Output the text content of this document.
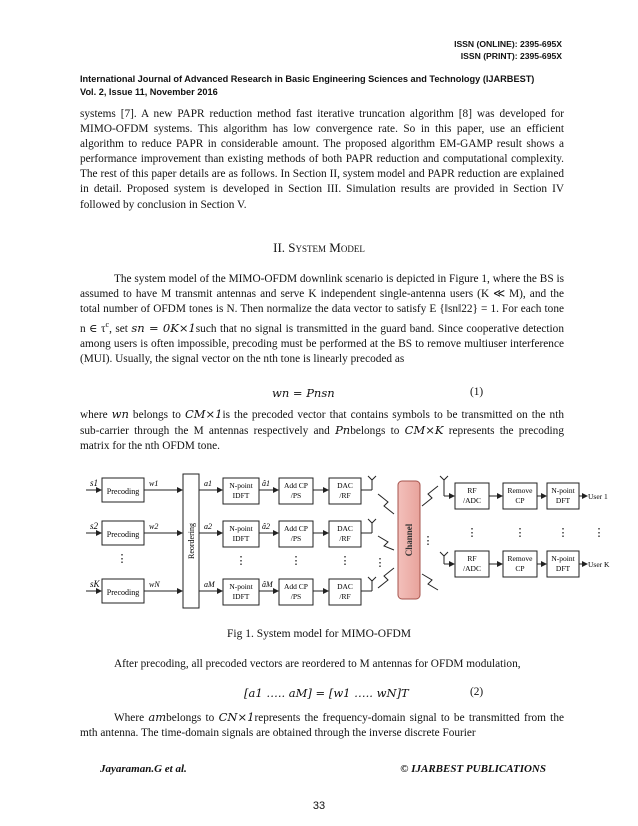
ISSN (ONLINE): 2395-695X
ISSN (PRINT): 2395-695X
International Journal of Advanced Research in Basic Engineering Sciences and Technology (IJARBEST)
Vol. 2, Issue 11, November 2016
systems [7]. A new PAPR reduction method fast iterative truncation algorithm [8] was developed for MIMO-OFDM systems. This algorithm has low convergence rate. So in this paper, use an efficient algorithm to reduce PAPR in considerable amount. The proposed algorithm EM-GAMP result shows a performance improvement than existing methods of both PAPR reduction and computational complexity. The rest of this paper details are as follows. In Section II, system model and PAPR reduction are explained in detail. Proposed system is developed in Section III. Simulation results are provided in Section IV followed by conclusion in Section V.
II. System Model
The system model of the MIMO-OFDM downlink scenario is depicted in Figure 1, where the BS is assumed to have M transmit antennas and serve K independent single-antenna users (K ≪ M), and the total number of OFDM tones is N. Then normalize the data vector to satisfy E {‖sn‖22} = 1. For each tone n ∈ $\tau^c$, set sn = 0K×1such that no signal is transmitted in the guard band. Since cooperative detection among users is often impossible, precoding must be performed at the BS to remove multiuser interference (MUI). Usually, the signal vector on the nth tone is linearly precoded as
wn = Pnsn	(1)
where wn belongs to CM×1is the precoded vector that contains symbols to be transmitted on the nth sub-carrier through the M antennas respectively and Pnbelongs to CM×K represents the precoding matrix for the nth OFDM tone.
s1
s2
sK
Precoding
Precoding
Precoding
⋮
w1
w2
wN
Reordering
a1
a2
aM
N-point
IDFT
N-point
IDFT
N-point
IDFT
⋮
â1
â2
âM
Add CP
/PS
Add CP
/PS
Add CP
/PS
⋮
DAC
/RF
DAC
/RF
DAC
/RF
⋮ ⋮
Channel ⋮
RF
/ADC
RF
/ADC
⋮
Remove
CP
Remove
CP
⋮
N-point
DFT
N-point
DFT
⋮
User 1
User K
⋮
Fig 1. System model for MIMO-OFDM
After precoding, all precoded vectors are reordered to M antennas for OFDM modulation,
[a1 ….. aM] = [w1 ….. wN]T	(2)
Where ambelongs to CN×1represents the frequency-domain signal to be transmitted from the mth antenna. The time-domain signals are obtained through the inverse discrete Fourier
Jayaraman.G et al.	© IJARBEST PUBLICATIONS
33
